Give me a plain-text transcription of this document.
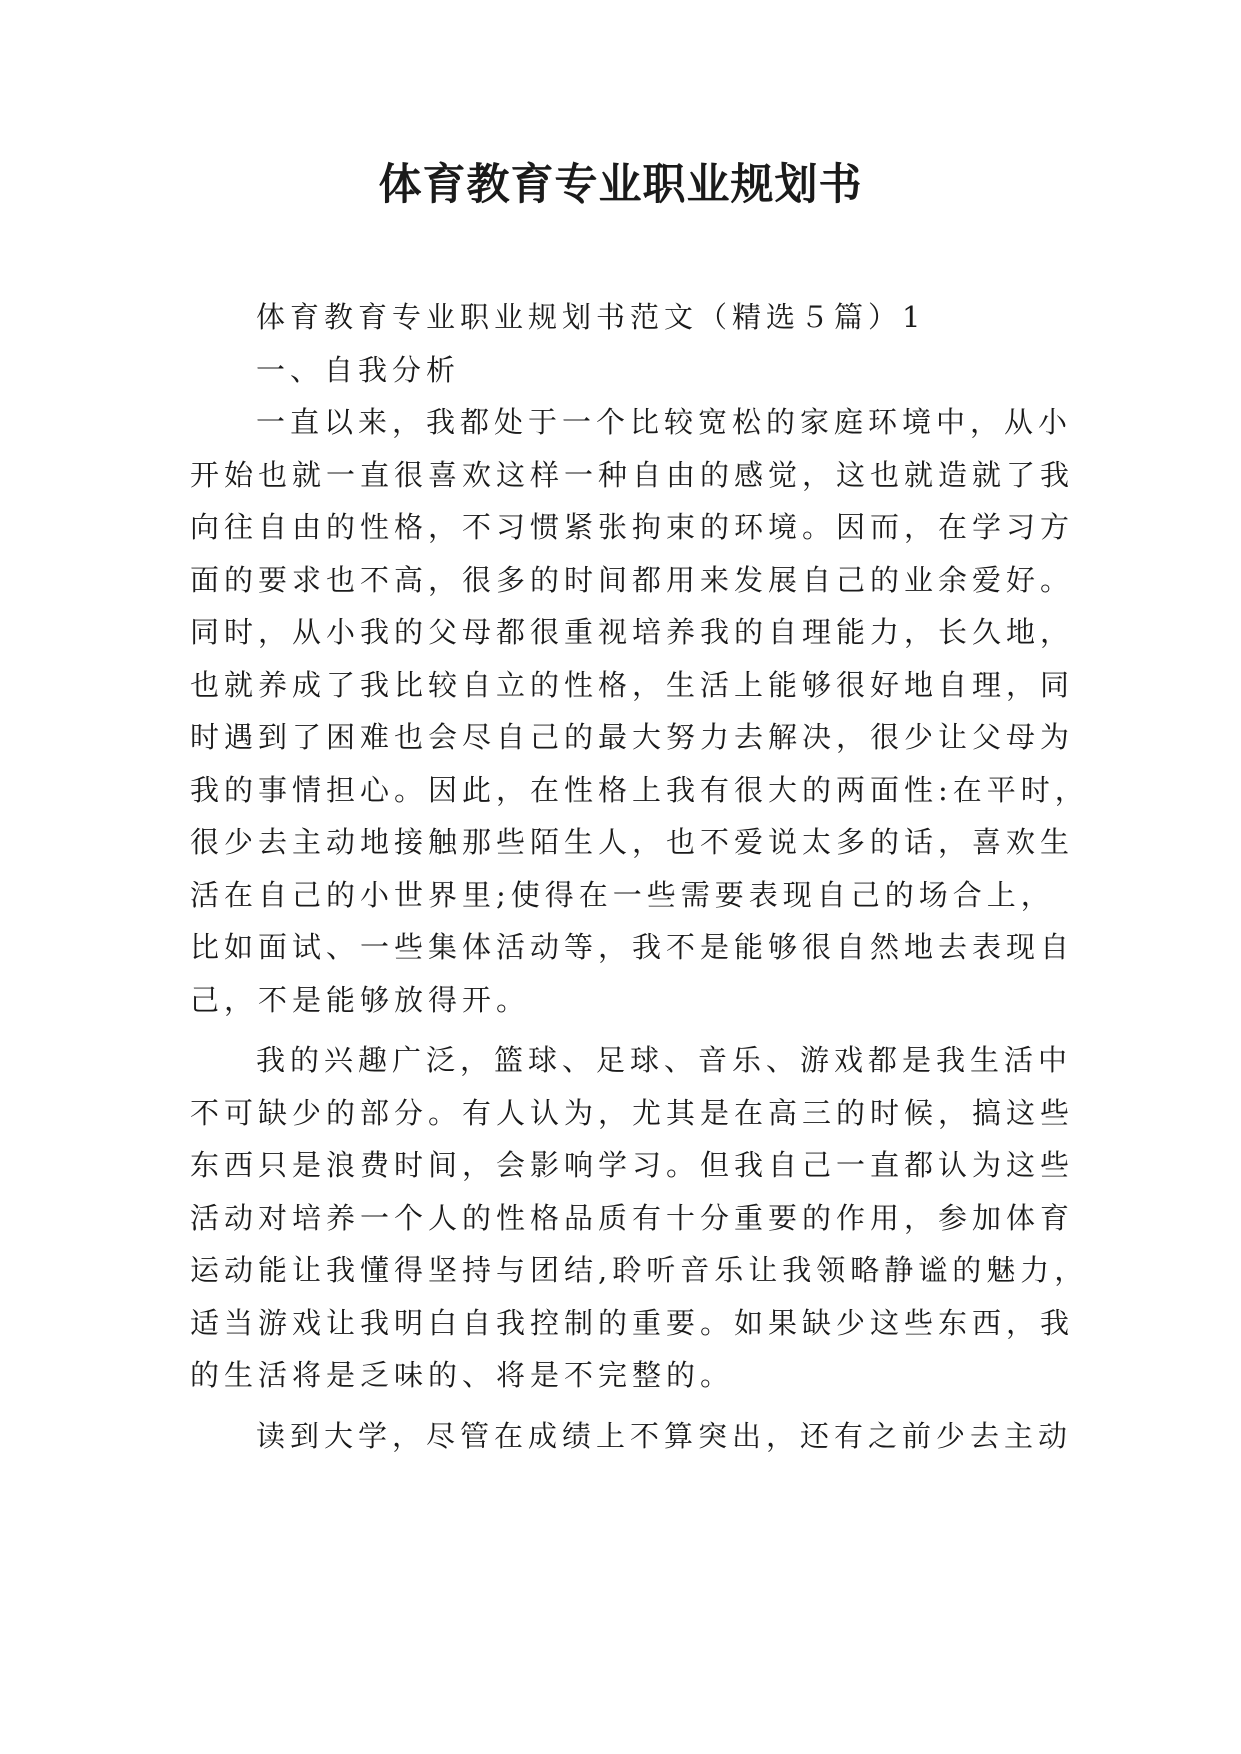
体育教育专业职业规划书
体育教育专业职业规划书范文（精选５篇）1
一、自我分析
一直以来，我都处于一个比较宽松的家庭环境中，从小
开始也就一直很喜欢这样一种自由的感觉，这也就造就了我
向往自由的性格，不习惯紧张拘束的环境。因而，在学习方
面的要求也不高，很多的时间都用来发展自己的业余爱好。
同时，从小我的父母都很重视培养我的自理能力，长久地，
也就养成了我比较自立的性格，生活上能够很好地自理，同
时遇到了困难也会尽自己的最大努力去解决，很少让父母为
我的事情担心。因此，在性格上我有很大的两面性:在平时，
很少去主动地接触那些陌生人，也不爱说太多的话，喜欢生
活在自己的小世界里;使得在一些需要表现自己的场合上，
比如面试、一些集体活动等，我不是能够很自然地去表现自
己，不是能够放得开。
我的兴趣广泛，篮球、足球、音乐、游戏都是我生活中
不可缺少的部分。有人认为，尤其是在高三的时候，搞这些
东西只是浪费时间，会影响学习。但我自己一直都认为这些
活动对培养一个人的性格品质有十分重要的作用，参加体育
运动能让我懂得坚持与团结,聆听音乐让我领略静谧的魅力，
适当游戏让我明白自我控制的重要。如果缺少这些东西，我
的生活将是乏味的、将是不完整的。
读到大学，尽管在成绩上不算突出，还有之前少去主动
